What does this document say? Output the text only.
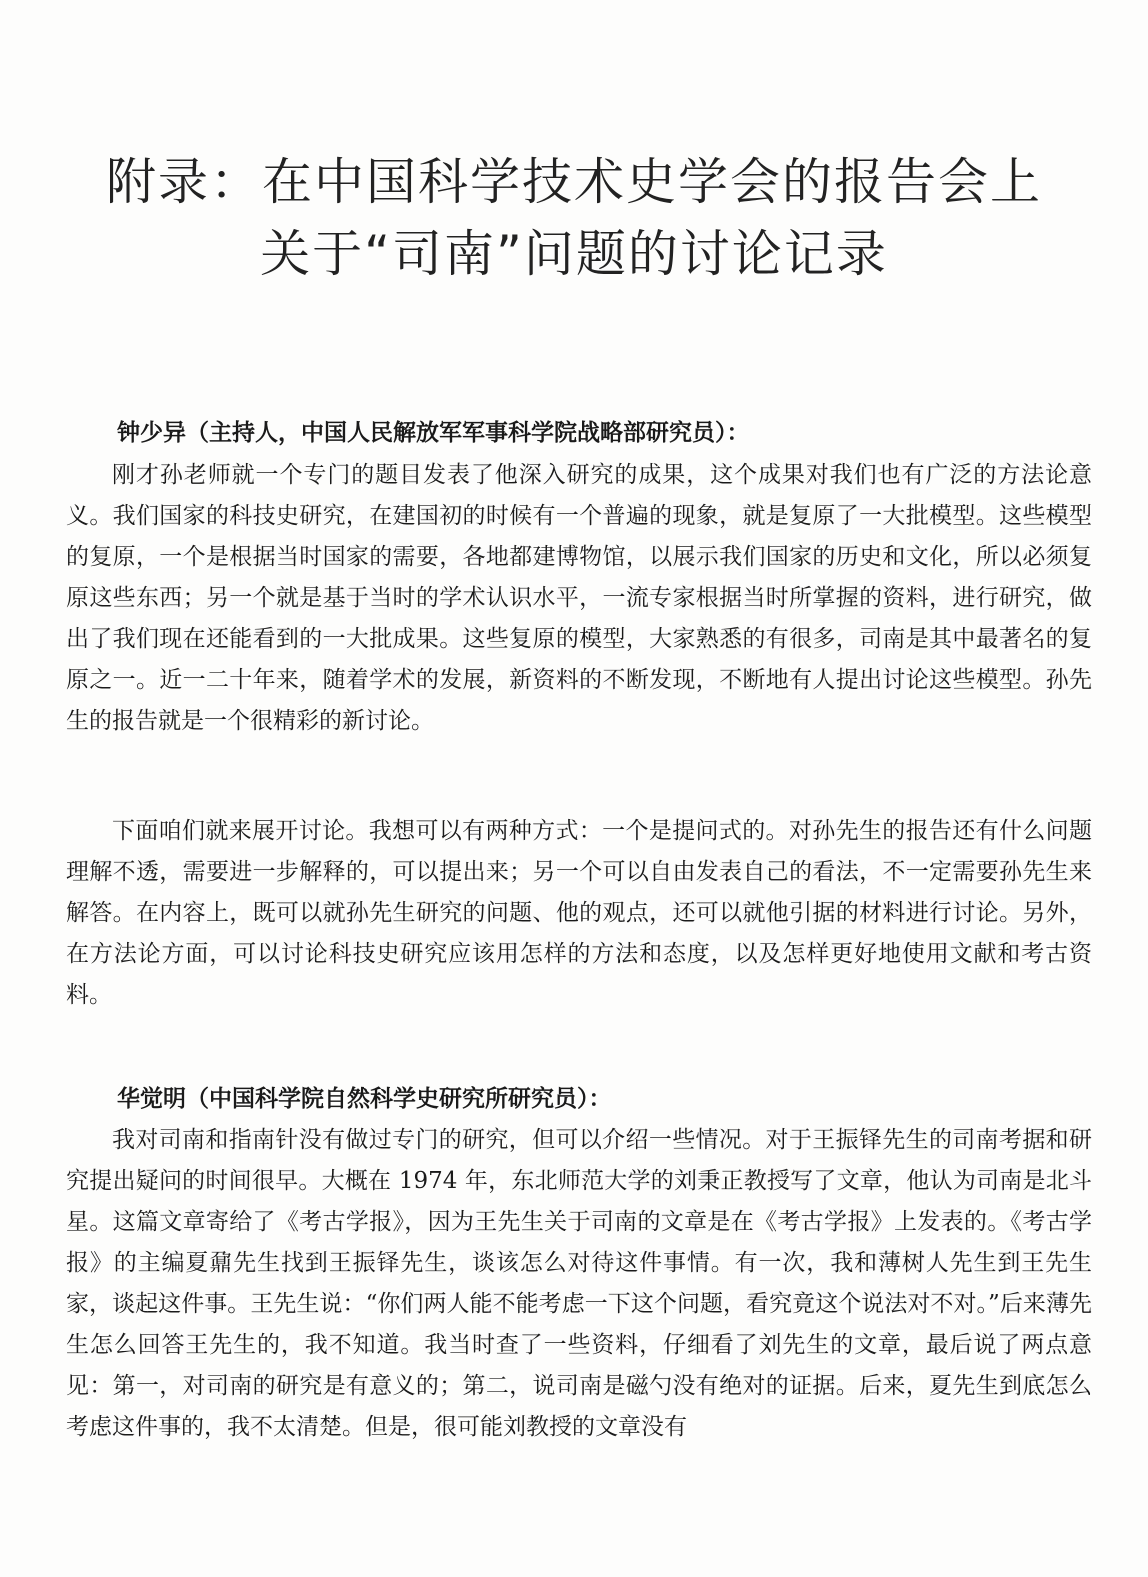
附录：在中国科学技术史学会的报告会上
关于“司南”问题的讨论记录
钟少异（主持人，中国人民解放军军事科学院战略部研究员）：
刚才孙老师就一个专门的题目发表了他深入研究的成果，这个成果对我们也有广泛的方法论意义。我们国家的科技史研究，在建国初的时候有一个普遍的现象，就是复原了一大批模型。这些模型的复原，一个是根据当时国家的需要，各地都建博物馆，以展示我们国家的历史和文化，所以必须复原这些东西；另一个就是基于当时的学术认识水平，一流专家根据当时所掌握的资料，进行研究，做出了我们现在还能看到的一大批成果。这些复原的模型，大家熟悉的有很多，司南是其中最著名的复原之一。近一二十年来，随着学术的发展，新资料的不断发现，不断地有人提出讨论这些模型。孙先生的报告就是一个很精彩的新讨论。
下面咱们就来展开讨论。我想可以有两种方式：一个是提问式的。对孙先生的报告还有什么问题理解不透，需要进一步解释的，可以提出来；另一个可以自由发表自己的看法，不一定需要孙先生来解答。在内容上，既可以就孙先生研究的问题、他的观点，还可以就他引据的材料进行讨论。另外，在方法论方面，可以讨论科技史研究应该用怎样的方法和态度，以及怎样更好地使用文献和考古资料。
华觉明（中国科学院自然科学史研究所研究员）：
我对司南和指南针没有做过专门的研究，但可以介绍一些情况。对于王振铎先生的司南考据和研究提出疑问的时间很早。大概在 1974 年，东北师范大学的刘秉正教授写了文章，他认为司南是北斗星。这篇文章寄给了《考古学报》，因为王先生关于司南的文章是在《考古学报》上发表的。《考古学报》的主编夏鼐先生找到王振铎先生，谈该怎么对待这件事情。有一次，我和薄树人先生到王先生家，谈起这件事。王先生说：“你们两人能不能考虑一下这个问题，看究竟这个说法对不对。”后来薄先生怎么回答王先生的，我不知道。我当时查了一些资料，仔细看了刘先生的文章，最后说了两点意见：第一，对司南的研究是有意义的；第二，说司南是磁勺没有绝对的证据。后来，夏先生到底怎么考虑这件事的，我不太清楚。但是，很可能刘教授的文章没有
